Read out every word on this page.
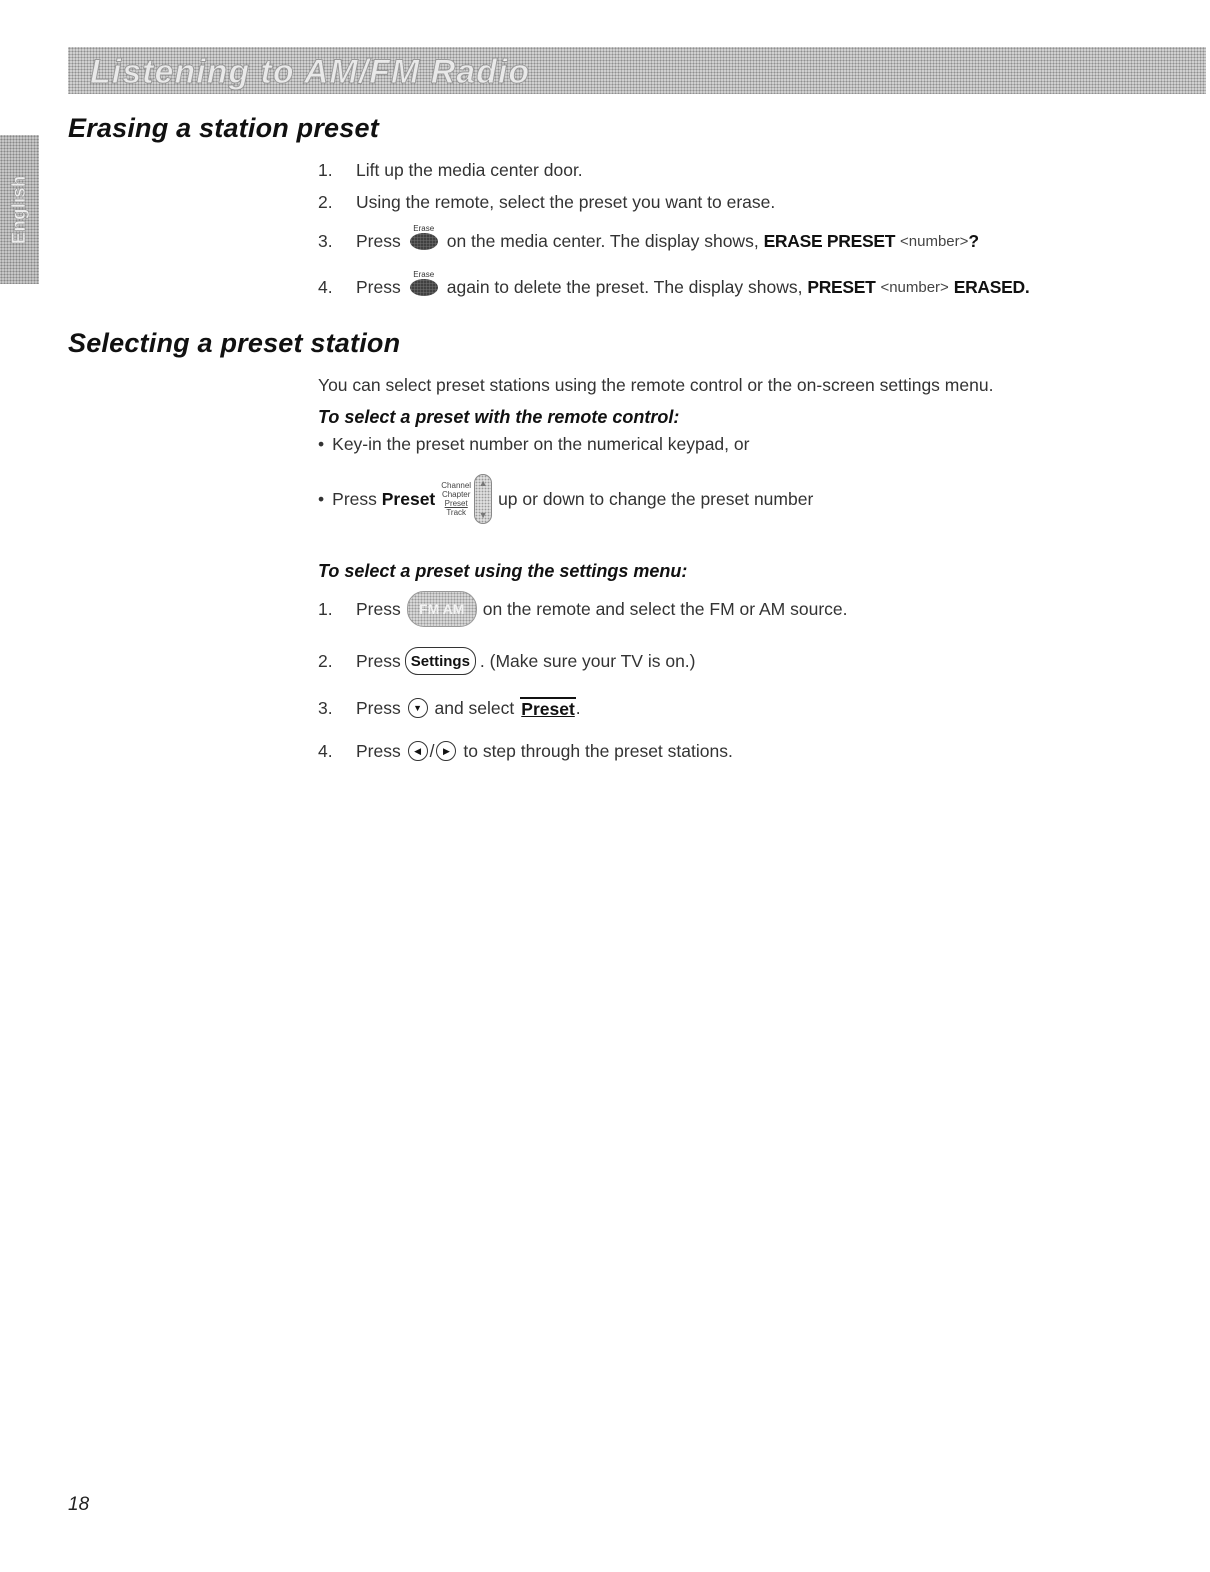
Listening to AM/FM Radio
English
Erasing a station preset
1. Lift up the media center door.
2. Using the remote, select the preset you want to erase.
3. Press
Erase
on the media center. The display shows,
ERASE PRESET
<number> ?
4. Press
Erase
again to delete the preset. The display shows,
PRESET
<number>
ERASED.
Selecting a preset station
You can select preset stations using the remote control or the on-screen settings menu.
To select a preset with the remote control:
• Key-in the preset number on the numerical keypad, or
• Press
Preset
Channel
Chapter
Preset
Track
▲
▼
up or down to change the preset number
To select a preset using the settings menu:
1. Press	FM AM	on the remote and select the FM or AM source.
2. Press Settings . (Make sure your TV is on.)
3. Press
	▼
and select Preset .
4. Press
	◀ / ▶
to step through the preset stations.
18
